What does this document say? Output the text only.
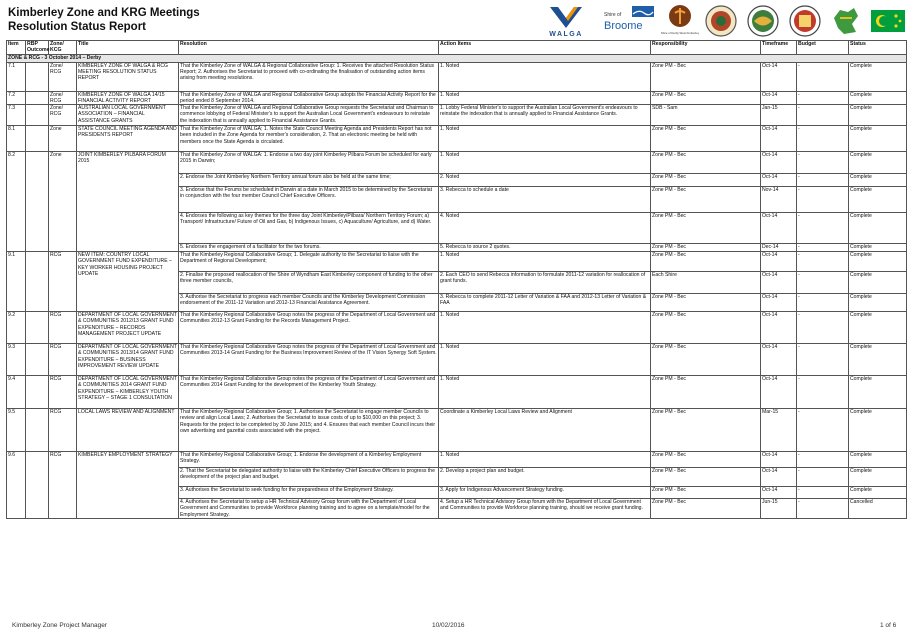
Kimberley Zone and KRG Meetings
Resolution Status Report
WALGA
Shire of
Broome
Shire of Derby West Kimberley
Item	RBP Outcome	Zone/ KCG	Title	Resolution	Action Items	Responsibility	Timeframe	Budget	Status
ZONE & RCG - 3 October 2014 – Derby									
7.1		Zone/ RCG	KIMBERLEY ZONE OF WALGA & RCG MEETING RESOLUTION STATUS REPORT	That the Kimberley Zone of WALGA & Regional Collaborative Group: 1. Receives the attached Resolution Status Report; 2. Authorises the Secretariat to proceed with co-ordinating the finalisation of outstanding action items arising from meeting resolutions.	1. Noted	Zone PM - Bec	Oct-14	-	Complete
7.2		Zone/ RCG	KIMBERLEY ZONE OF WALGA 14/15 FINANCIAL ACTIVITY REPORT	That the Kimberley Zone of WALGA and Regional Collaborative Group adopts the Financial Activity Report for the period ended 8 September 2014.	1. Noted	Zone PM - Bec	Oct-14	-	Complete
7.3		Zone/ RCG	AUSTRALIAN LOCAL GOVERNMENT ASSOCIATION – FINANCIAL ASSISTANCE GRANTS	That the Kimberley Zone of WALGA and Regional Collaborative Group requests the Secretariat and Chairman to commence lobbying of Federal Minister's to support the Australian Local Government's endeavours to reinstate the indexation that is annually applied to Financial Assistance Grants.	1. Lobby Federal Minister's to support the Australian Local Government's endeavours to reinstate the indexation that is annually applied to Financial Assistance Grants.	SDB - Sam	Jan-15	-	Complete
8.1		Zone	STATE COUNCIL MEETING AGENDA AND PRESIDENTS REPORT	That the Kimberley Zone of WALGA; 1. Notes the State Council Meeting Agenda and Presidents Report has not been included in the Zone Agenda for member's consideration, 2. That an electronic meeting be held with members once the State Agenda is circulated.	1. Noted	Zone PM - Bec	Oct-14	-	Complete
8.2		Zone	JOINT KIMBERLEY PILBARA FORUM 2015	That the Kimberley Zone of WALGA: 1. Endorse a two day joint Kimberley Pilbara Forum be scheduled for early 2015 in Darwin;	1. Noted	Zone PM - Bec	Oct-14	-	Complete
				2. Endorse the Joint Kimberley Northern Territory annual forum also be held at the same time;	2. Noted	Zone PM - Bec	Oct-14	-	Complete
				3. Endorse that the Forums be scheduled in Darwin at a date in March 2015 to be determined by the Secretariat in conjunction with the four member Council Chief Executive Officers.	3. Rebecca to schedule a date	Zone PM - Bec	Nov-14	-	Complete
				4. Endorses the following as key themes for the three day Joint Kimberley/Pilbara/ Northern Territory Forum; a) Transport/ Infrastructure/ Future of Oil and Gas, b) Indigenous Issues, c) Aquaculture/ Agriculture, and d) Water.	4. Noted	Zone PM - Bec	Oct-14	-	Complete
				5. Endorses the engagement of a facilitator for the two forums.	5. Rebecca to source 2 quotes.	Zone PM - Bec	Dec-14	-	Complete
9.1		RCG	NEW ITEM: COUNTRY LOCAL GOVERNMENT FUND EXPENDITURE – KEY WORKER HOUSING PROJECT UPDATE	That the Kimberley Regional Collaborative Group; 1. Delegate authority to the Secretariat to liaise with the Department of Regional Development;	1. Noted	Zone PM - Bec	Oct-14	-	Complete
				2. Finalise the proposed reallocation of the Shire of Wyndham East Kimberley component of funding to the other three member councils,	2. Each CEO to send Rebecca information to formulate 2011-12 variation for reallocation of grant funds.	Each Shire	Oct-14	-	Complete
				3. Authorise the Secretariat to progress each member Councils and the Kimberley Development Commission endorsement of the 2011-12 Variation and 2012-13 Financial Assistance Agreement.	3. Rebecca to complete 2011-12 Letter of Variation & FAA and 2012-13 Letter of Variation & FAA	Zone PM - Bec	Oct-14	-	Complete
9.2		RCG	DEPARTMENT OF LOCAL GOVERNMENT & COMMUNITIES 2012/13 GRANT FUND EXPENDITURE – RECORDS MANAGEMENT PROJECT UPDATE	That the Kimberley Regional Collaborative Group notes the progress of the Department of Local Government and Communities 2012-13 Grant Funding for the Records Management Project.	1. Noted	Zone PM - Bec	Oct-14	-	Complete
9.3		RCG	DEPARTMENT OF LOCAL GOVERNMENT & COMMUNITIES 2013/14 GRANT FUND EXPENDITURE – BUSINESS IMPROVEMENT REVIEW UPDATE	That the Kimberley Regional Collaborative Group notes the progress of the Department of Local Government and Communities 2013-14 Grant Funding for the Business Improvement Review of the IT Vision Synergy Soft System.	1. Noted	Zone PM - Bec	Oct-14	-	Complete
9.4		RCG	DEPARTMENT OF LOCAL GOVERNMENT & COMMUNITIES 2014 GRANT FUND EXPENDITURE – KIMBERLEY YOUTH STRATEGY – STAGE 1 CONSULTATION	That the Kimberley Regional Collaborative Group notes the progress of the Department of Local Government and Communities 2014 Grant Funding for the development of the Kimberley Youth Strategy.	1. Noted	Zone PM - Bec	Oct-14	-	Complete
9.5		RCG	LOCAL LAWS REVIEW AND ALIGNMENT	That the Kimberley Regional Collaborative Group; 1. Authorises the Secretariat to engage member Councils to review and align Local Laws; 2. Authorises the Secretariat to issue costs of up to $10,000 on this project; 3. Requests for the project to be completed by 30 June 2015; and 4. Ensures that each member Council incurs their own advertising and gazettal costs associated with the project.	Coordinate a Kimberley Local Laws Review and Alignment	Zone PM - Bec	Mar-15	-	Complete
9.6		RCG	KIMBERLEY EMPLOYMENT STRATEGY	That the Kimberley Regional Collaborative Group; 1. Endorse the development of a Kimberley Employment Strategy.	1. Noted	Zone PM - Bec	Oct-14	-	Complete
				2. That the Secretariat be delegated authority to liaise with the Kimberley Chief Executive Officers to progress the development of the project plan and budget.	2. Develop a project plan and budget.	Zone PM - Bec	Oct-14	-	Complete
				3. Authorises the Secretariat to seek funding for the preparedness of the Employment Strategy.	3. Apply for Indigenous Advancement Strategy funding.	Zone PM - Bec	Oct-14	-	Complete
				4. Authorises the Secretariat to setup a HR Technical Advisory Group forum with the Department of Local Government and Communities to provide Workforce planning training and to agree on a template/model for the Employment Strategy.	4. Setup a HR Technical Advisory Group forum with the Department of Local Government and Communities to provide Workforce planning training, should we receive grant funding.	Zone PM - Bec	Jun-15	-	Cancelled
Kimberley Zone Project Manager	10/02/2016	1 of 6
